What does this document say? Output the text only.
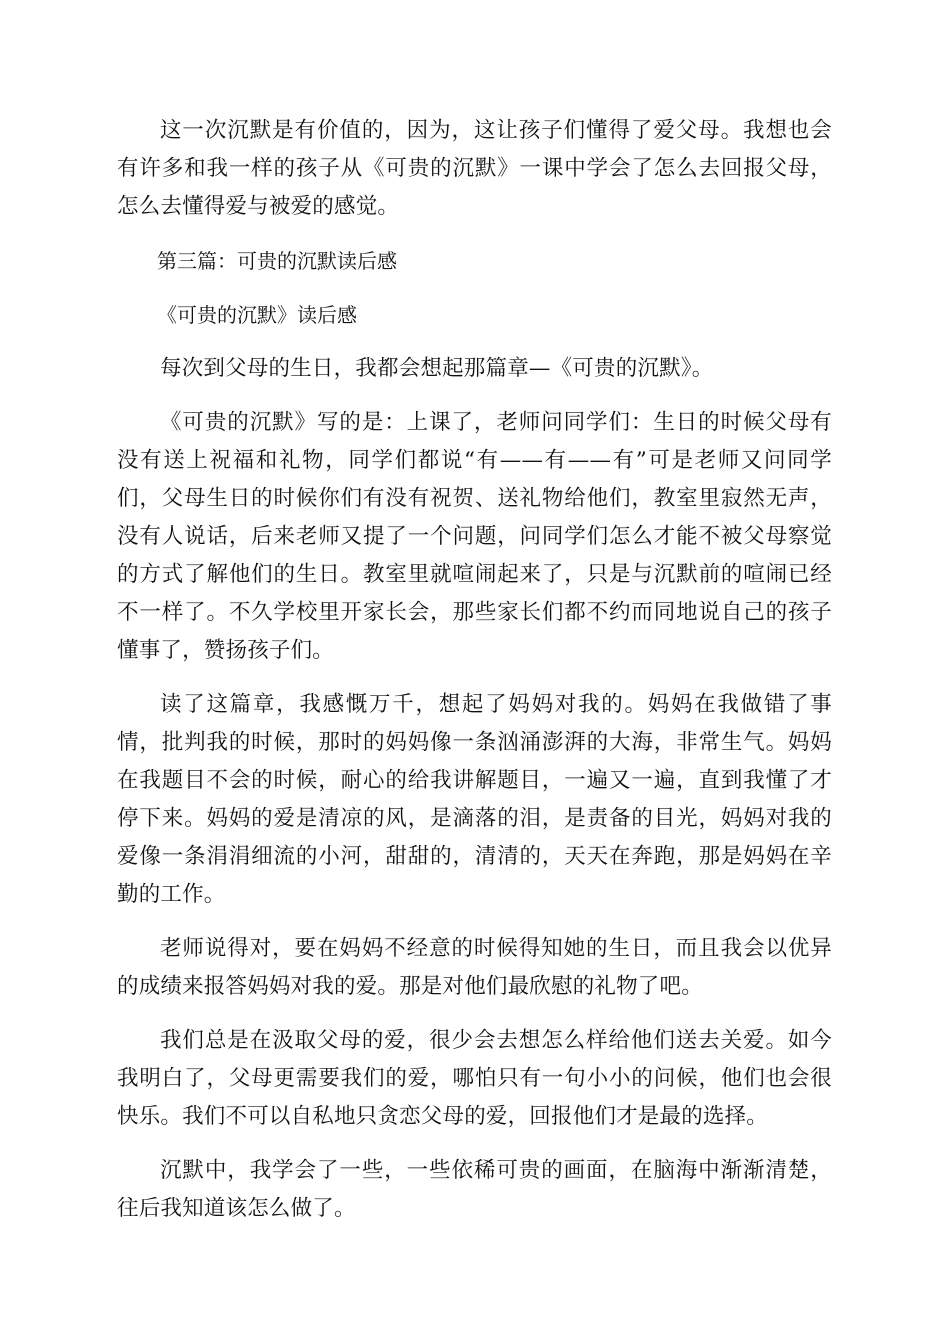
这一次沉默是有价值的，因为，这让孩子们懂得了爱父母。我想也会有许多和我一样的孩子从《可贵的沉默》一课中学会了怎么去回报父母，怎么去懂得爱与被爱的感觉。

第三篇：可贵的沉默读后感

《可贵的沉默》读后感

每次到父母的生日，我都会想起那篇章—《可贵的沉默》。

《可贵的沉默》写的是：上课了，老师问同学们：生日的时候父母有没有送上祝福和礼物，同学们都说“有——有——有”可是老师又问同学们，父母生日的时候你们有没有祝贺、送礼物给他们，教室里寂然无声，没有人说话，后来老师又提了一个问题，问同学们怎么才能不被父母察觉的方式了解他们的生日。教室里就喧闹起来了，只是与沉默前的喧闹已经不一样了。不久学校里开家长会，那些家长们都不约而同地说自己的孩子懂事了，赞扬孩子们。

读了这篇章，我感慨万千，想起了妈妈对我的。妈妈在我做错了事情，批判我的时候，那时的妈妈像一条汹涌澎湃的大海，非常生气。妈妈在我题目不会的时候，耐心的给我讲解题目，一遍又一遍，直到我懂了才停下来。妈妈的爱是清凉的风，是滴落的泪，是责备的目光，妈妈对我的爱像一条涓涓细流的小河，甜甜的，清清的，天天在奔跑，那是妈妈在辛勤的工作。

老师说得对，要在妈妈不经意的时候得知她的生日，而且我会以优异的成绩来报答妈妈对我的爱。那是对他们最欣慰的礼物了吧。

我们总是在汲取父母的爱，很少会去想怎么样给他们送去关爱。如今我明白了，父母更需要我们的爱，哪怕只有一句小小的问候，他们也会很快乐。我们不可以自私地只贪恋父母的爱，回报他们才是最的选择。

沉默中，我学会了一些，一些依稀可贵的画面，在脑海中渐渐清楚，往后我知道该怎么做了。
